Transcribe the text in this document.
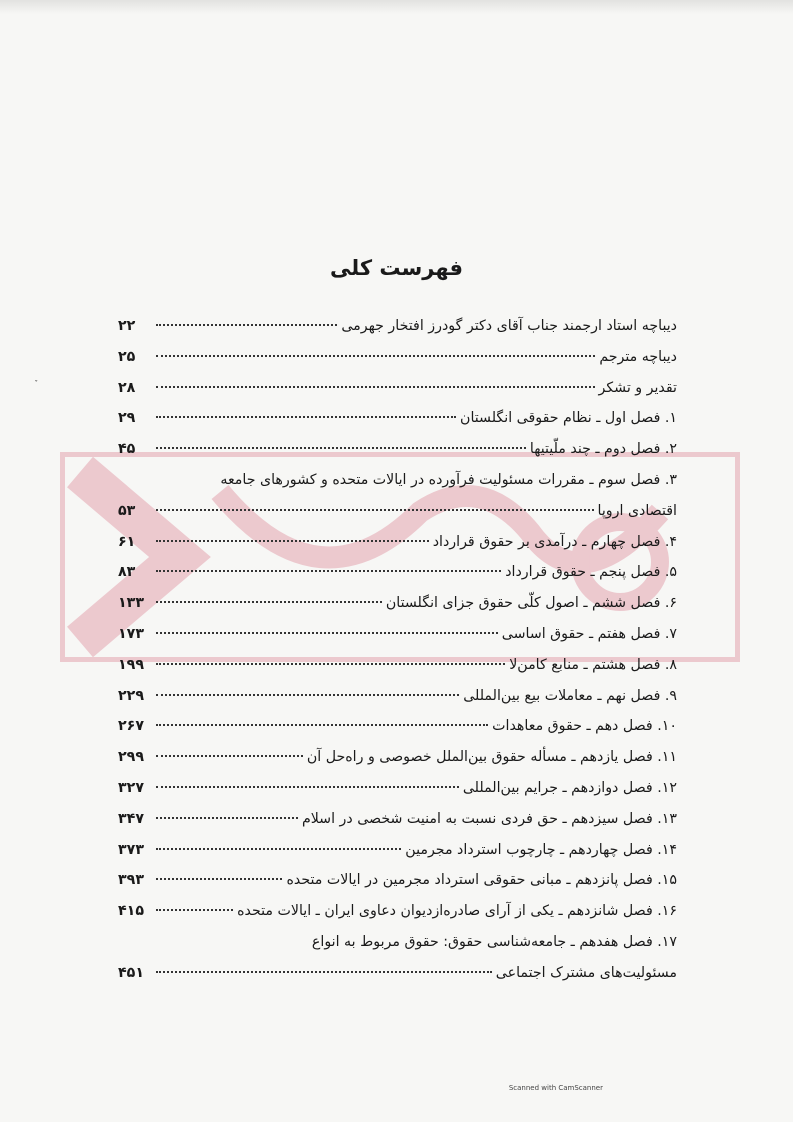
فهرست کلی
دیباچه استاد ارجمند جناب آقای دکتر گودرز افتخار جهرمی
۲۲
دیباچه مترجم
۲۵
تقدیر و تشکر
۲۸
۱. فصل اول ـ نظام حقوقی انگلستان
۲۹
۲. فصل دوم ـ چند ملّیتیها
۴۵
۳. فصل سوم ـ مقررات مسئولیت فرآورده در ایالات متحده و کشورهای جامعه
اقتصادی اروپا
۵۳
۴. فصل چهارم ـ درآمدی بر حقوق قرارداد
۶۱
۵. فصل پنجم ـ حقوق قرارداد
۸۳
۶. فصل ششم ـ اصول کلّی حقوق جزای انگلستان
۱۳۳
۷. فصل هفتم ـ حقوق اساسی
۱۷۳
۸. فصل هشتم ـ منابع کامن‌لا
۱۹۹
۹. فصل نهم ـ معاملات بیع بین‌المللی
۲۲۹
۱۰. فصل دهم ـ حقوق معاهدات
۲۶۷
۱۱. فصل یازدهم ـ مسأله حقوق بین‌الملل خصوصی و راه‌حل آن
۲۹۹
۱۲. فصل دوازدهم ـ جرایم بین‌المللی
۳۲۷
۱۳. فصل سیزدهم ـ حق فردی نسبت به امنیت شخصی در اسلام
۳۴۷
۱۴. فصل چهاردهم ـ چارچوب استرداد مجرمین
۳۷۳
۱۵. فصل پانزدهم ـ مبانی حقوقی استرداد مجرمین در ایالات متحده
۳۹۳
۱۶. فصل شانزدهم ـ یکی از آرای صادره‌ازدیوان دعاوی ایران ـ ایالات متحده
۴۱۵
۱۷. فصل هفدهم ـ جامعه‌شناسی حقوق: حقوق مربوط به انواع
مسئولیت‌های مشترک اجتماعی
۴۵۱
Scanned with CamScanner
